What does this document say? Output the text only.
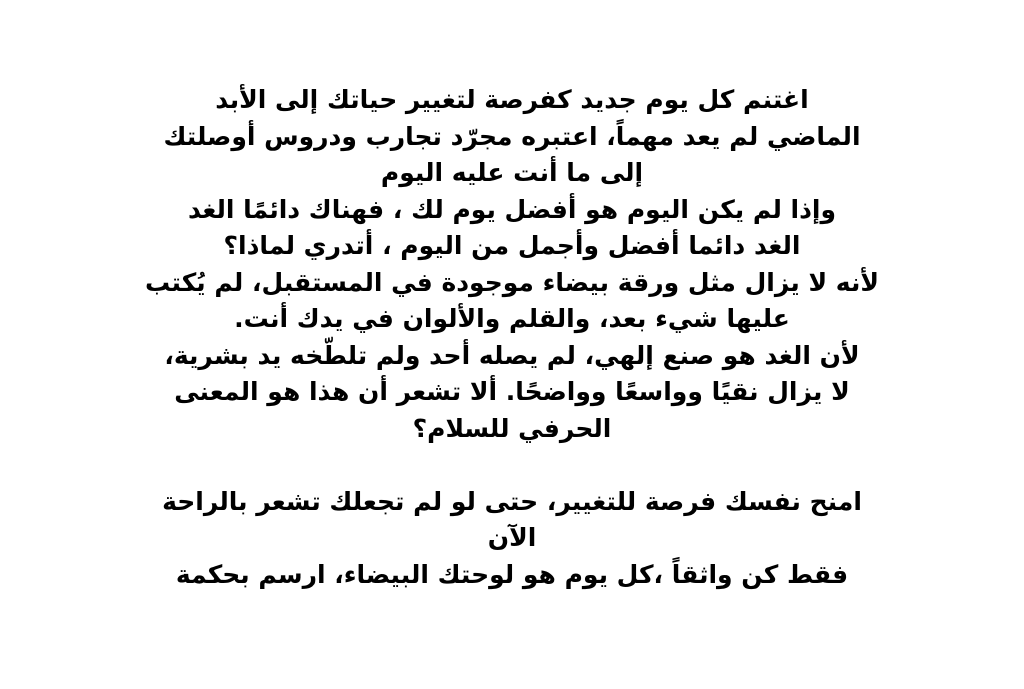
اغتنم كل يوم جديد كفرصة لتغيير حياتك إلى الأبد
الماضي لم يعد مهماً، اعتبره مجرّد تجارب ودروس أوصلتك
إلى ما أنت عليه اليوم
وإذا لم يكن اليوم هو أفضل يوم لك ، فهناك دائمًا الغد
الغد دائما أفضل وأجمل من اليوم ، أتدري لماذا؟
لأنه لا يزال مثل ورقة بيضاء موجودة في المستقبل، لم يُكتب
عليها شيء بعد، والقلم والألوان في يدك أنت.
لأن الغد هو صنع إلهي، لم يصله أحد ولم تلطّخه يد بشرية،
لا يزال نقيًا وواسعًا وواضحًا. ألا تشعر أن هذا هو المعنى
الحرفي للسلام؟
امنح نفسك فرصة للتغيير، حتى لو لم تجعلك تشعر بالراحة
الآن
فقط كن واثقاً ،كل يوم هو لوحتك البيضاء، ارسم بحكمة
